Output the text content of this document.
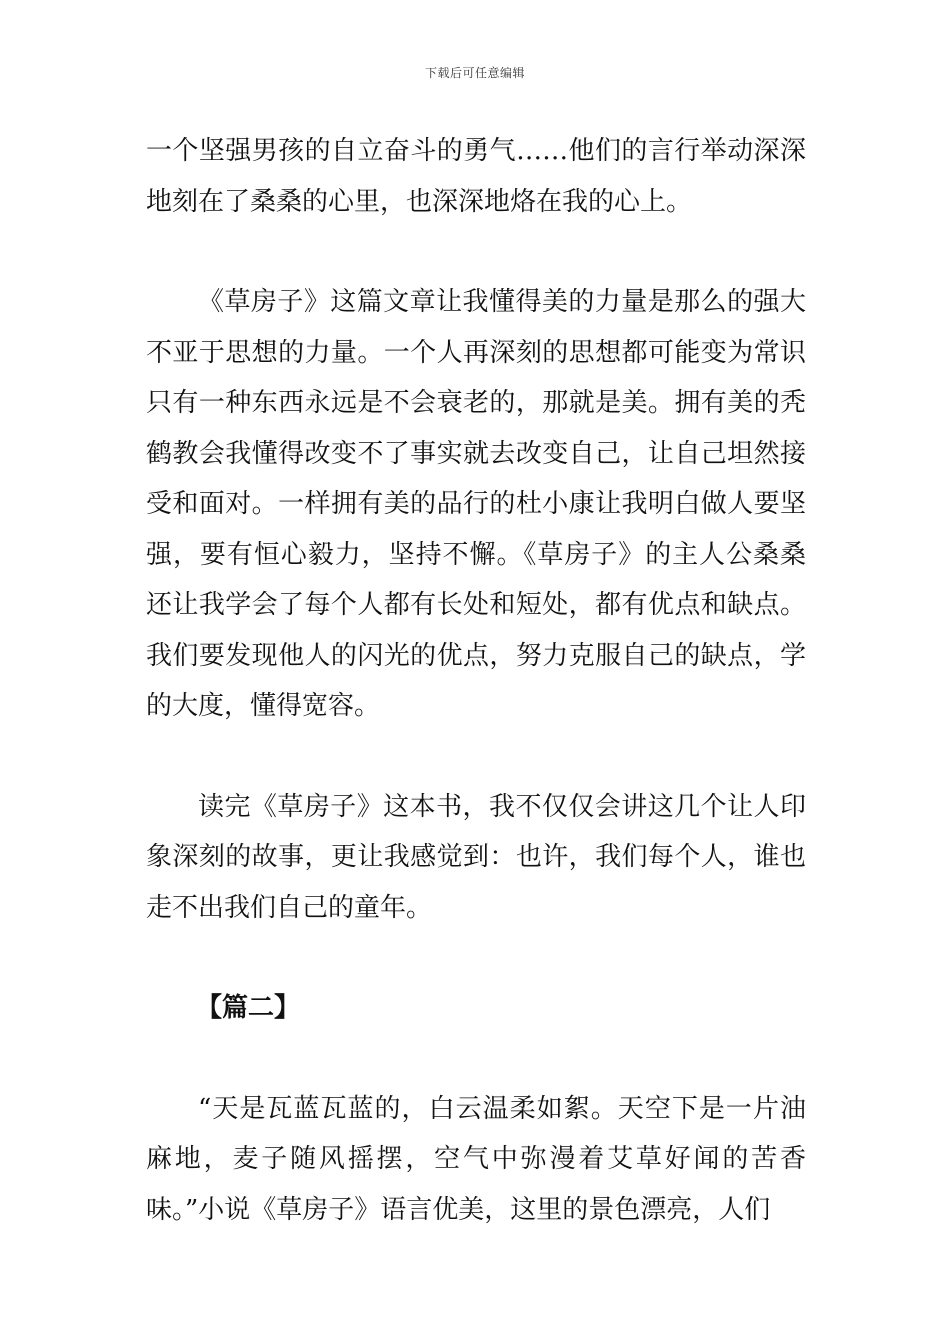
下载后可任意编辑

一个坚强男孩的自立奋斗的勇气……他们的言行举动深深地刻在了桑桑的心里，也深深地烙在我的心上。

《草房子》这篇文章让我懂得美的力量是那么的强大不亚于思想的力量。一个人再深刻的思想都可能变为常识只有一种东西永远是不会衰老的，那就是美。拥有美的秃鹤教会我懂得改变不了事实就去改变自己，让自己坦然接受和面对。一样拥有美的品行的杜小康让我明白做人要坚强，要有恒心毅力，坚持不懈。《草房子》的主人公桑桑还让我学会了每个人都有长处和短处，都有优点和缺点。我们要发现他人的闪光的优点，努力克服自己的缺点，学的大度，懂得宽容。

读完《草房子》这本书，我不仅仅会讲这几个让人印象深刻的故事，更让我感觉到：也许，我们每个人，谁也走不出我们自己的童年。

【篇二】

“天是瓦蓝瓦蓝的，白云温柔如絮。天空下是一片油麻地，麦子随风摇摆，空气中弥漫着艾草好闻的苦香味。”小说《草房子》语言优美，这里的景色漂亮，人们
